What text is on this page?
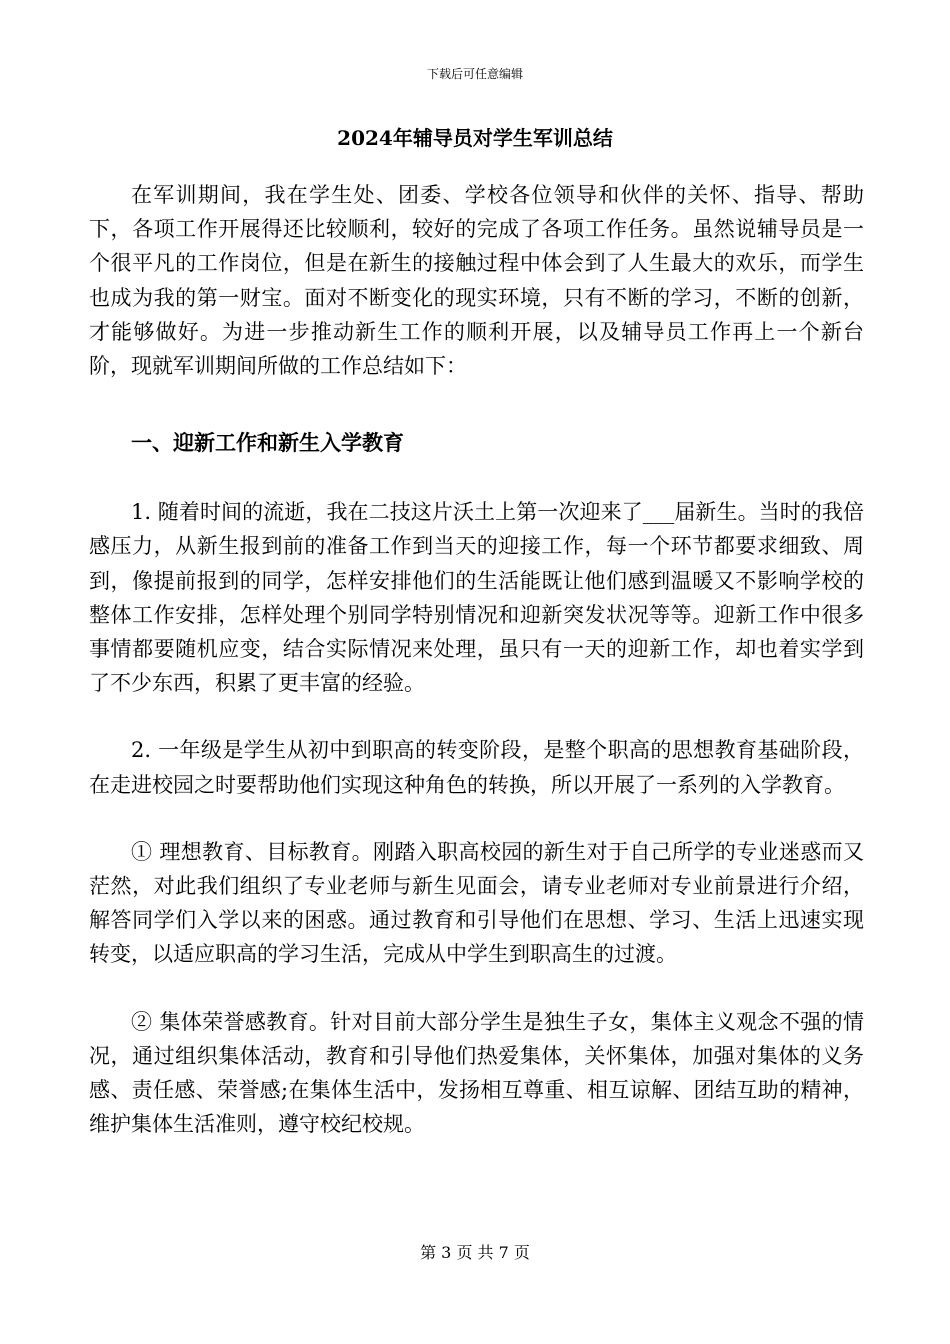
下载后可任意编辑
2024年辅导员对学生军训总结

在军训期间，我在学生处、团委、学校各位领导和伙伴的关怀、指导、帮助下，各项工作开展得还比较顺利，较好的完成了各项工作任务。虽然说辅导员是一个很平凡的工作岗位，但是在新生的接触过程中体会到了人生最大的欢乐，而学生也成为我的第一财宝。面对不断变化的现实环境，只有不断的学习，不断的创新，才能够做好。为进一步推动新生工作的顺利开展，以及辅导员工作再上一个新台阶，现就军训期间所做的工作总结如下：

一、迎新工作和新生入学教育

1. 随着时间的流逝，我在二技这片沃土上第一次迎来了___届新生。当时的我倍感压力，从新生报到前的准备工作到当天的迎接工作，每一个环节都要求细致、周到，像提前报到的同学，怎样安排他们的生活能既让他们感到温暖又不影响学校的整体工作安排，怎样处理个别同学特别情况和迎新突发状况等等。迎新工作中很多事情都要随机应变，结合实际情况来处理，虽只有一天的迎新工作，却也着实学到了不少东西，积累了更丰富的经验。

2. 一年级是学生从初中到职高的转变阶段，是整个职高的思想教育基础阶段，在走进校园之时要帮助他们实现这种角色的转换，所以开展了一系列的入学教育。

① 理想教育、目标教育。刚踏入职高校园的新生对于自己所学的专业迷惑而又茫然，对此我们组织了专业老师与新生见面会，请专业老师对专业前景进行介绍，解答同学们入学以来的困惑。通过教育和引导他们在思想、学习、生活上迅速实现转变，以适应职高的学习生活，完成从中学生到职高生的过渡。

② 集体荣誉感教育。针对目前大部分学生是独生子女，集体主义观念不强的情况，通过组织集体活动，教育和引导他们热爱集体，关怀集体，加强对集体的义务感、责任感、荣誉感;在集体生活中，发扬相互尊重、相互谅解、团结互助的精神，维护集体生活准则，遵守校纪校规。

第 3 页 共 7 页
